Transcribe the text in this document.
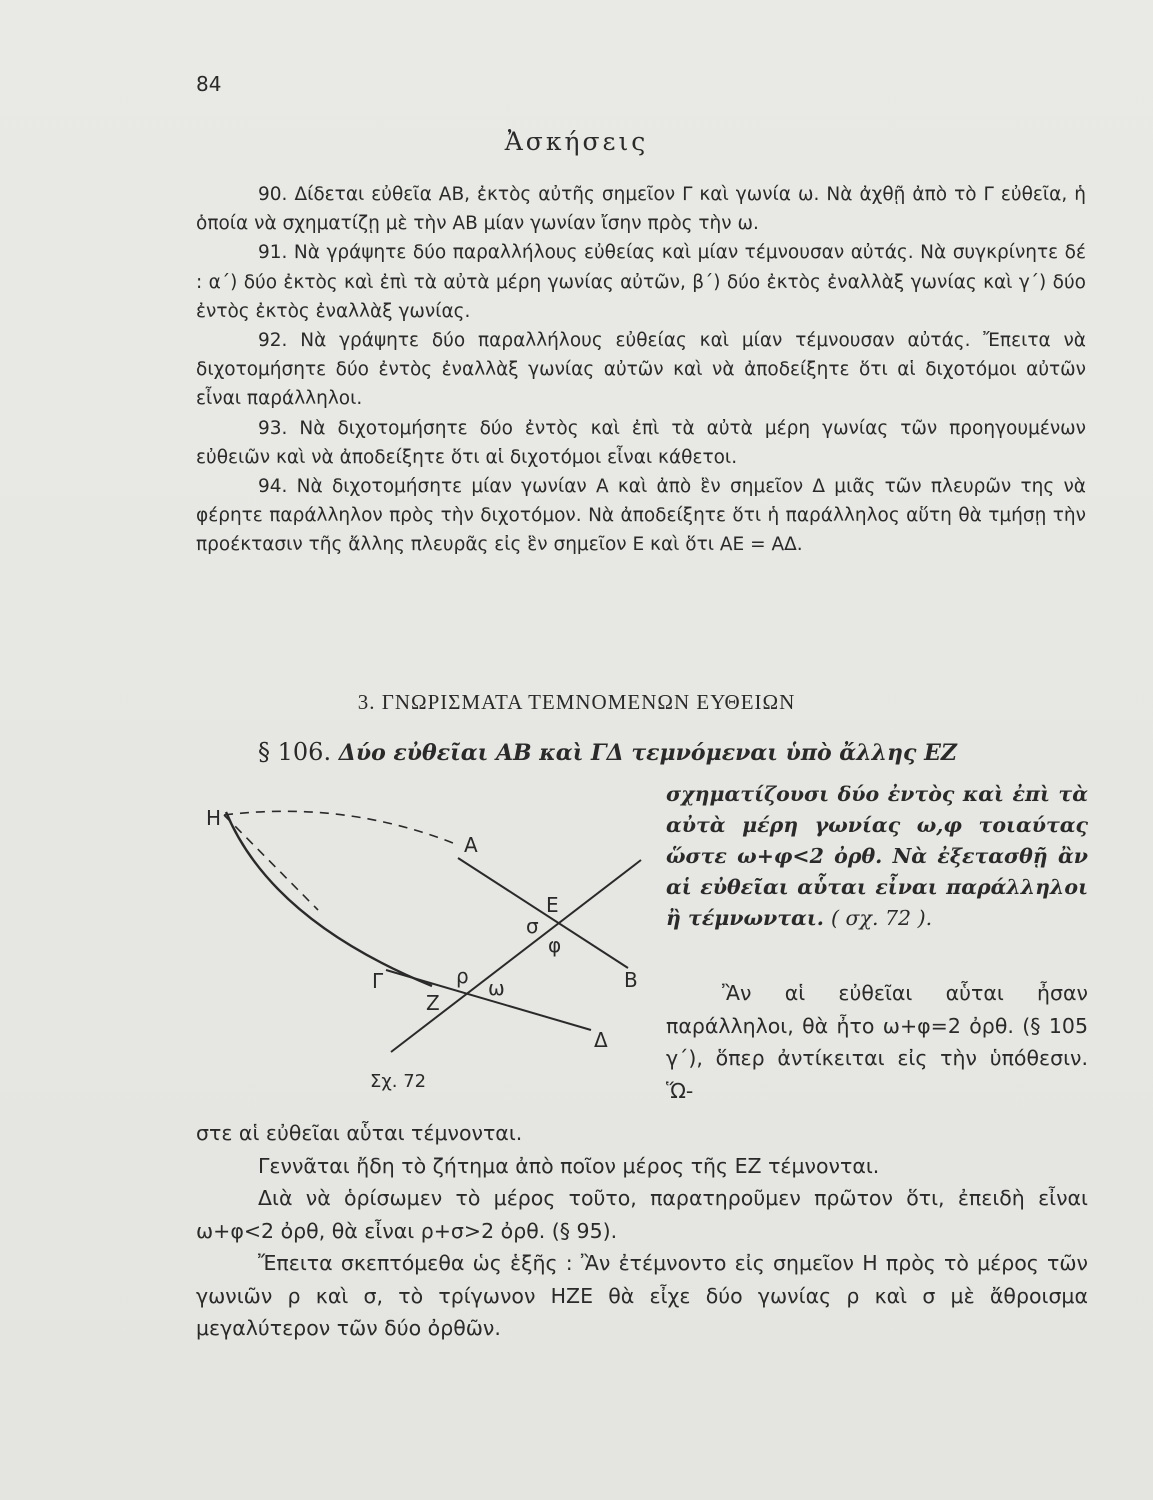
84
Ἀσκήσεις

90. Δίδεται εὐθεῖα ΑΒ, ἐκτὸς αὐτῆς σημεῖον Γ καὶ γωνία ω. Νὰ ἀχθῇ ἀπὸ τὸ Γ εὐθεῖα, ἡ ὁποία νὰ σχηματίζῃ μὲ τὴν ΑΒ μίαν γωνίαν ἴσην πρὸς τὴν ω.

91. Νὰ γράψητε δύο παραλλήλους εὐθείας καὶ μίαν τέμνουσαν αὐτάς. Νὰ συγκρίνητε δέ : α΄) δύο ἐκτὸς καὶ ἐπὶ τὰ αὐτὰ μέρη γωνίας αὐτῶν, β΄) δύο ἐκτὸς ἐναλλὰξ γωνίας καὶ γ΄) δύο ἐντὸς ἐκτὸς ἐναλλὰξ γωνίας.

92. Νὰ γράψητε δύο παραλλήλους εὐθείας καὶ μίαν τέμνουσαν αὐτάς. Ἔπειτα νὰ διχοτομήσητε δύο ἐντὸς ἐναλλὰξ γωνίας αὐτῶν καὶ νὰ ἀποδείξητε ὅτι αἱ διχοτόμοι αὐτῶν εἶναι παράλληλοι.

93. Νὰ διχοτομήσητε δύο ἐντὸς καὶ ἐπὶ τὰ αὐτὰ μέρη γωνίας τῶν προηγουμένων εὐθειῶν καὶ νὰ ἀποδείξητε ὅτι αἱ διχοτόμοι εἶναι κάθετοι.

94. Νὰ διχοτομήσητε μίαν γωνίαν Α καὶ ἀπὸ ἓν σημεῖον Δ μιᾶς τῶν πλευρῶν της νὰ φέρητε παράλληλον πρὸς τὴν διχοτόμον. Νὰ ἀποδείξητε ὅτι ἡ παράλληλος αὕτη θὰ τμήσῃ τὴν προέκτασιν τῆς ἄλλης πλευρᾶς εἰς ἓν σημεῖον Ε καὶ ὅτι ΑΕ = ΑΔ.

3. ΓΝΩΡΙΣΜΑΤΑ ΤΕΜΝΟΜΕΝΩΝ ΕΥΘΕΙΩΝ
§ 106. Δύο εὐθεῖαι ΑΒ καὶ ΓΔ τεμνόμεναι ὑπὸ ἄλλης ΕΖ
σχηματίζουσι δύο ἐντὸς καὶ ἐπὶ τὰ αὐτὰ μέρη γωνίας ω,φ τοιαύτας ὥστε ω+φ<2 ὀρθ. Νὰ ἐξετασθῇ ἂν αἱ εὐθεῖαι αὗται εἶναι παράλληλοι ἢ τέμνωνται. ( σχ. 72 ).
Η
Α
Ε
σ
φ
Β
Γ	ρ ω
Ζ
Δ
Σχ. 72

Ἂν αἱ εὐθεῖαι αὗται ἦσαν παράλληλοι, θὰ ἦτο ω+φ=2 ὀρθ. (§ 105 γ΄), ὅπερ ἀντίκειται εἰς τὴν ὑπόθεσιν. Ὥ-

στε αἱ εὐθεῖαι αὗται τέμνονται.

Γεννᾶται ἤδη τὸ ζήτημα ἀπὸ ποῖον μέρος τῆς ΕΖ τέμνονται.

Διὰ νὰ ὁρίσωμεν τὸ μέρος τοῦτο, παρατηροῦμεν πρῶτον ὅτι, ἐπειδὴ εἶναι ω+φ<2 ὀρθ, θὰ εἶναι ρ+σ>2 ὀρθ. (§ 95).

Ἔπειτα σκεπτόμεθα ὡς ἑξῆς : Ἂν ἐτέμνοντο εἰς σημεῖον Η πρὸς τὸ μέρος τῶν γωνιῶν ρ καὶ σ, τὸ τρίγωνον ΗΖΕ θὰ εἶχε δύο γωνίας ρ καὶ σ μὲ ἄθροισμα μεγαλύτερον τῶν δύο ὀρθῶν.
